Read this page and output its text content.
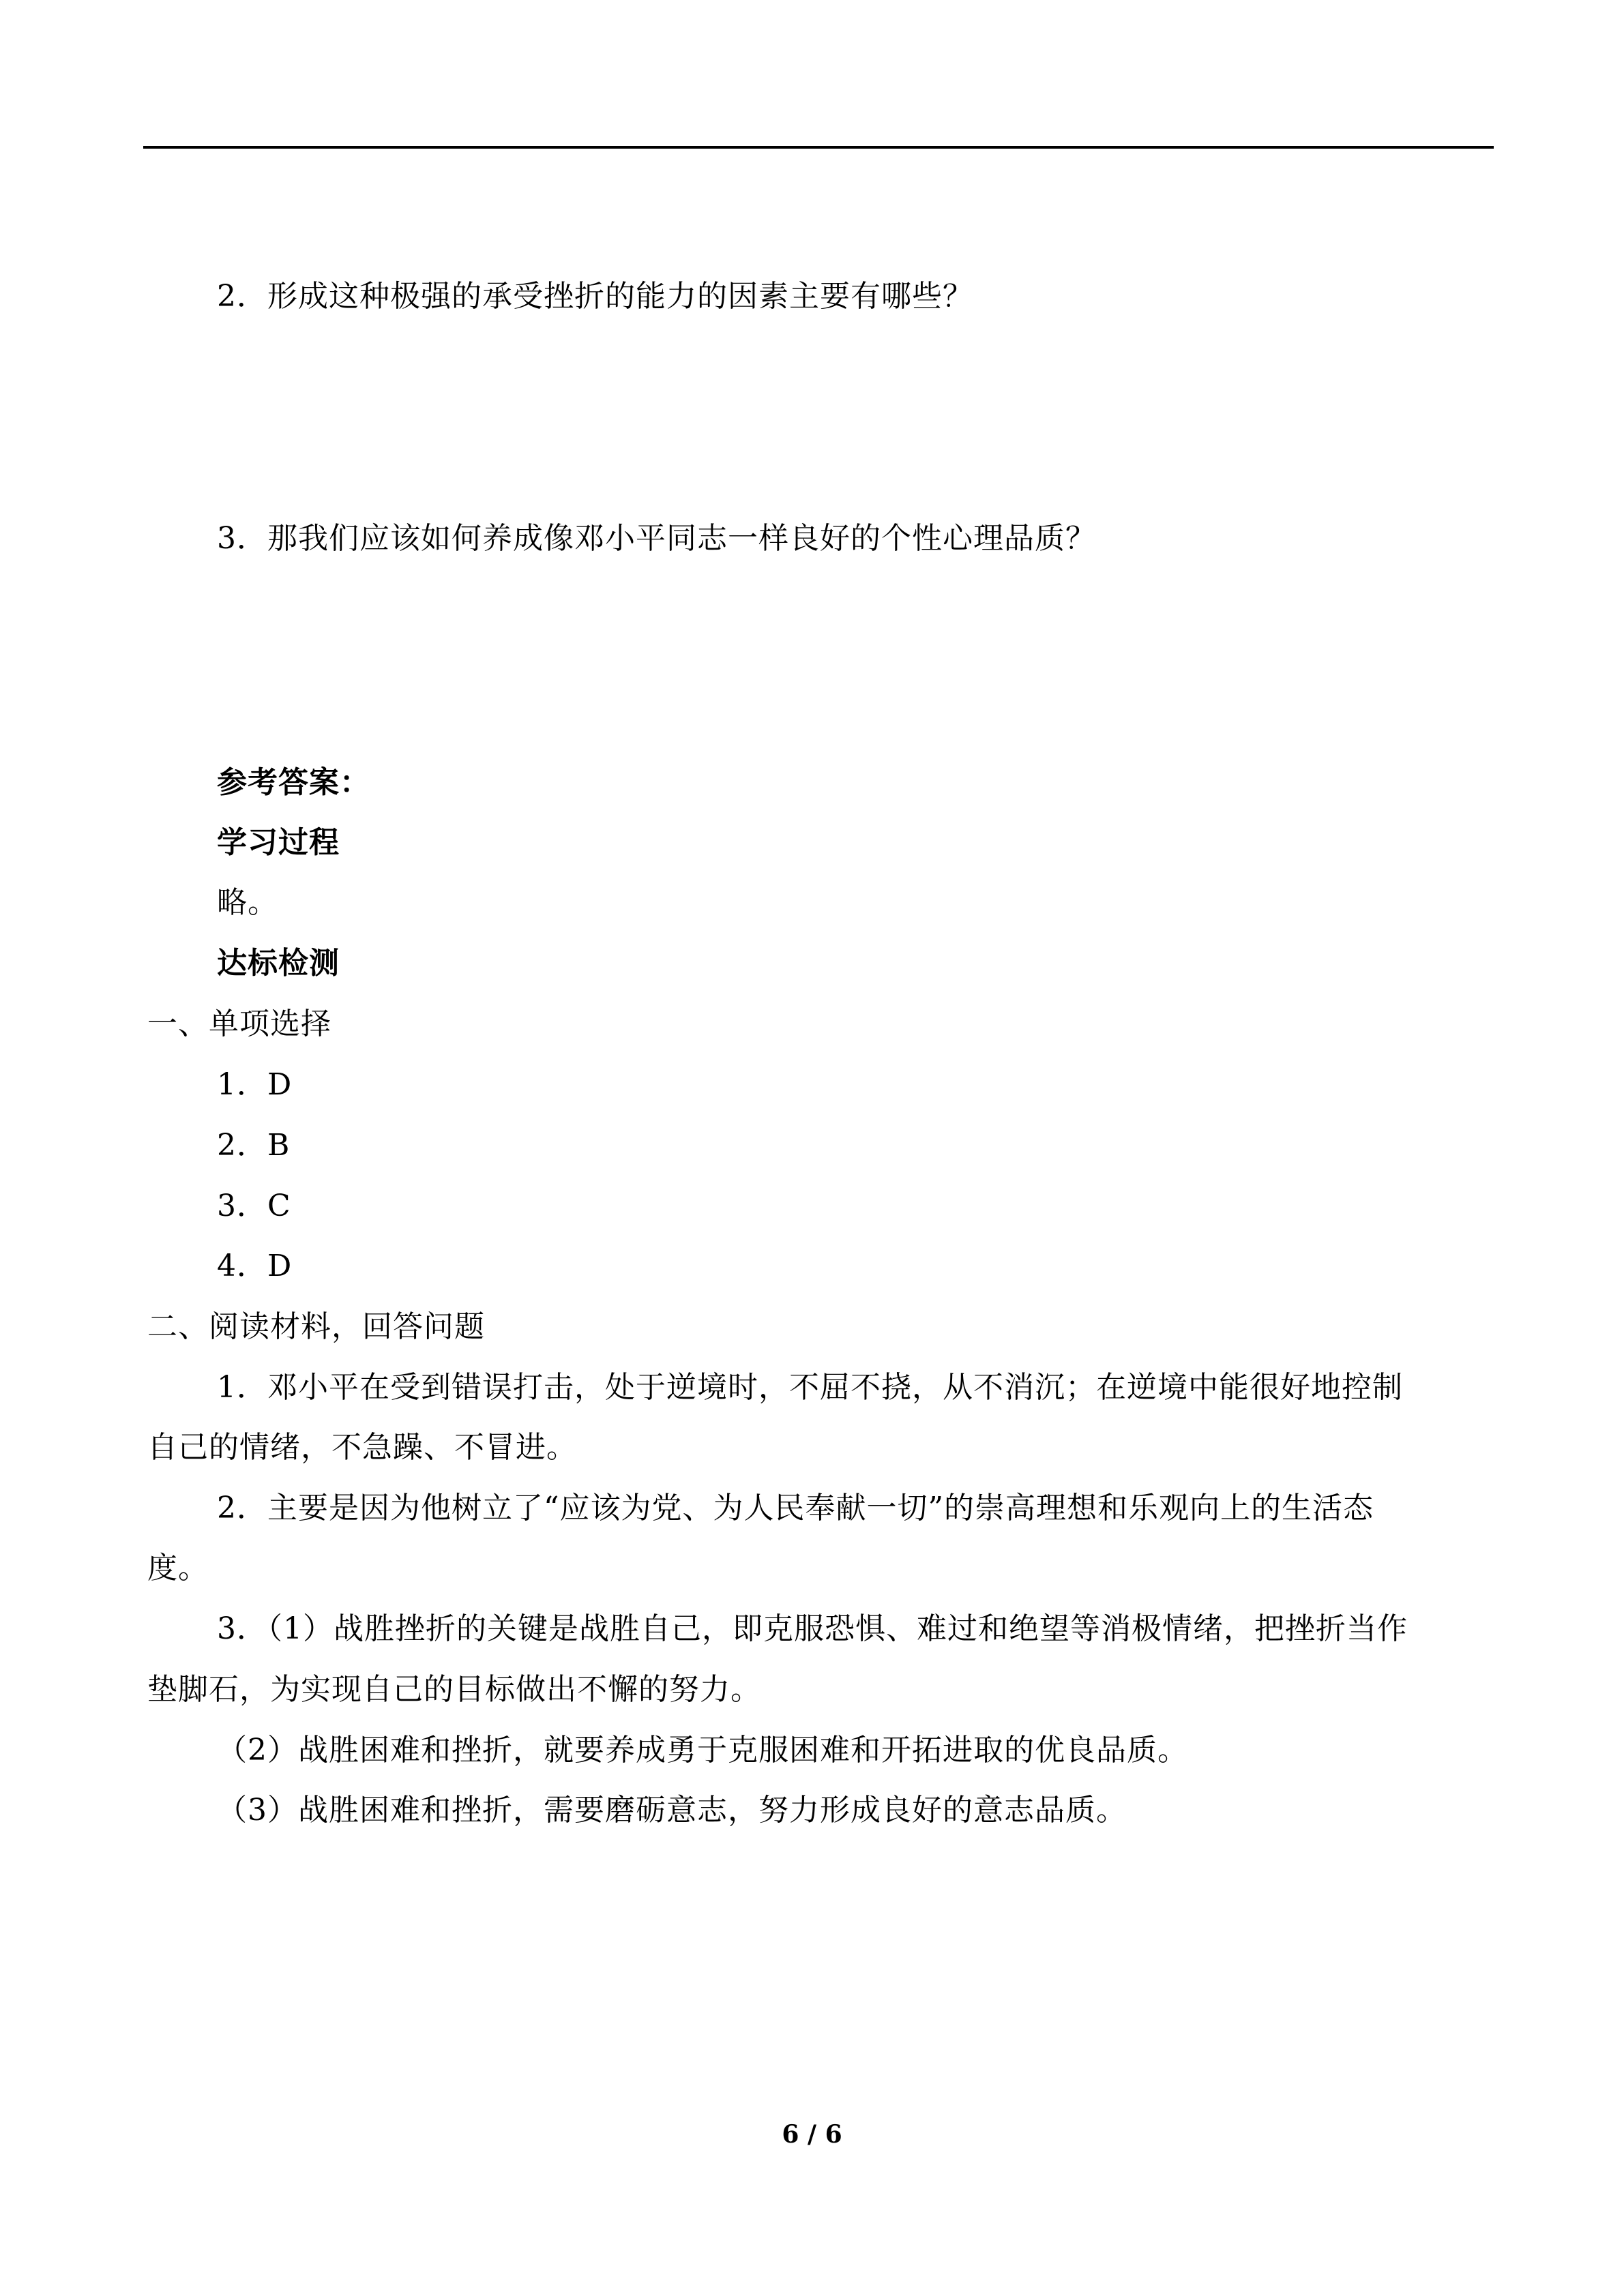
2．形成这种极强的承受挫折的能力的因素主要有哪些？
3．那我们应该如何养成像邓小平同志一样良好的个性心理品质？
参考答案：
学习过程
略。
达标检测
一、单项选择
1．D
2．B
3．C
4．D
二、阅读材料，回答问题
1．邓小平在受到错误打击，处于逆境时，不屈不挠，从不消沉；在逆境中能很好地控制
自己的情绪，不急躁、不冒进。
2．主要是因为他树立了“应该为党、为人民奉献一切”的崇高理想和乐观向上的生活态
度。
3．（1）战胜挫折的关键是战胜自己，即克服恐惧、难过和绝望等消极情绪，把挫折当作
垫脚石，为实现自己的目标做出不懈的努力。
（2）战胜困难和挫折，就要养成勇于克服困难和开拓进取的优良品质。
（3）战胜困难和挫折，需要磨砺意志，努力形成良好的意志品质。
6 / 6
